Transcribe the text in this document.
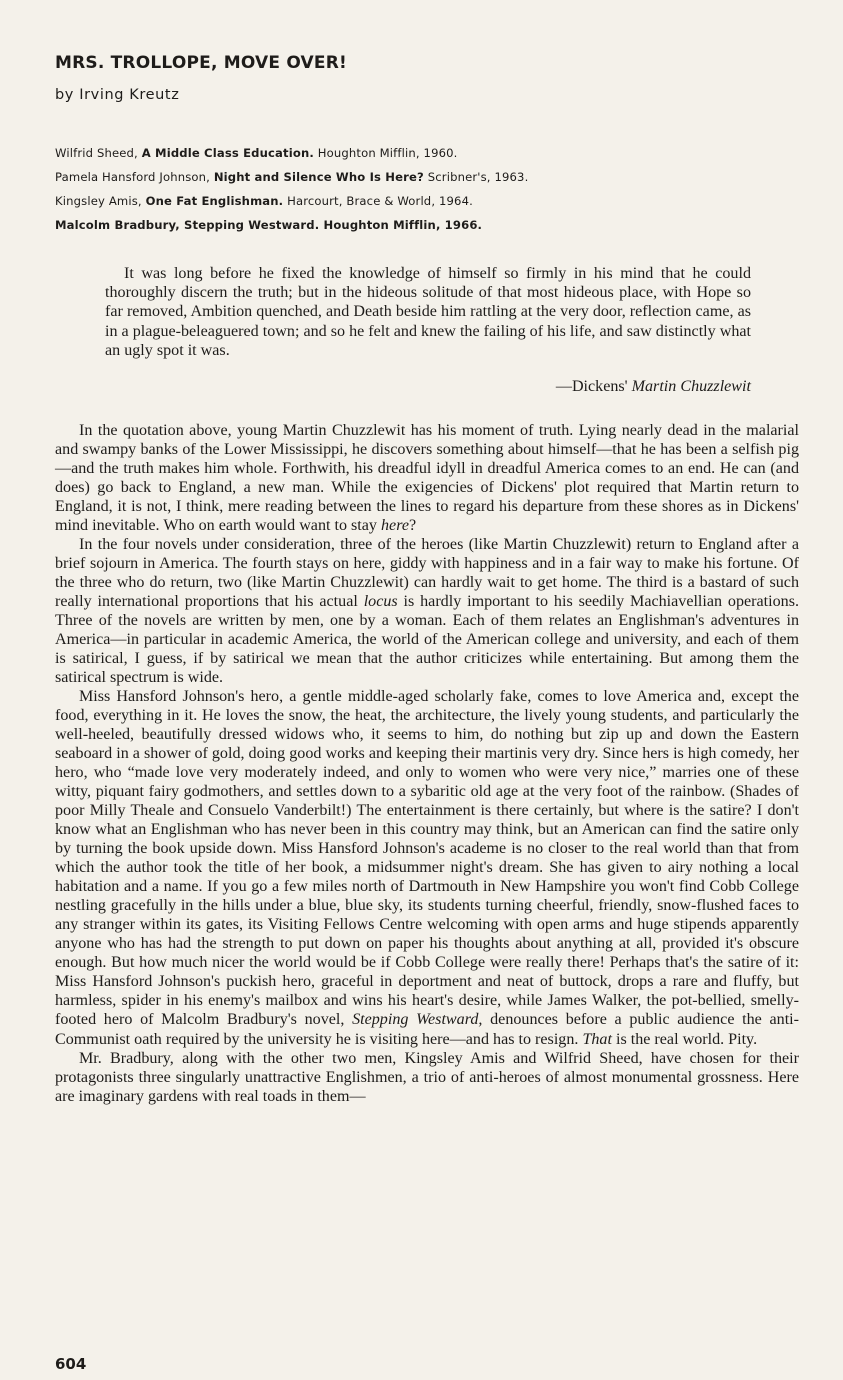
MRS. TROLLOPE, MOVE OVER!
by Irving Kreutz
Wilfrid Sheed, A Middle Class Education. Houghton Mifflin, 1960.
Pamela Hansford Johnson, Night and Silence Who Is Here? Scribner's, 1963.
Kingsley Amis, One Fat Englishman. Harcourt, Brace & World, 1964.
Malcolm Bradbury, Stepping Westward. Houghton Mifflin, 1966.

It was long before he fixed the knowledge of himself so firmly in his mind that he could thoroughly discern the truth; but in the hideous solitude of that most hideous place, with Hope so far removed, Ambition quenched, and Death beside him rattling at the very door, reflection came, as in a plague-beleaguered town; and so he felt and knew the failing of his life, and saw distinctly what an ugly spot it was.

—Dickens' Martin Chuzzlewit

In the quotation above, young Martin Chuzzlewit has his moment of truth. Lying nearly dead in the malarial and swampy banks of the Lower Mississippi, he discovers something about himself—that he has been a selfish pig—and the truth makes him whole. Forthwith, his dreadful idyll in dreadful America comes to an end. He can (and does) go back to England, a new man. While the exigencies of Dickens' plot required that Martin return to England, it is not, I think, mere reading between the lines to regard his departure from these shores as in Dickens' mind inevitable. Who on earth would want to stay here?

In the four novels under consideration, three of the heroes (like Martin Chuzzlewit) return to England after a brief sojourn in America. The fourth stays on here, giddy with happiness and in a fair way to make his fortune. Of the three who do return, two (like Martin Chuzzlewit) can hardly wait to get home. The third is a bastard of such really international proportions that his actual locus is hardly important to his seedily Machiavellian operations. Three of the novels are written by men, one by a woman. Each of them relates an Englishman's adventures in America—in particular in academic America, the world of the American college and university, and each of them is satirical, I guess, if by satirical we mean that the author criticizes while entertaining. But among them the satirical spectrum is wide.

Miss Hansford Johnson's hero, a gentle middle-aged scholarly fake, comes to love America and, except the food, everything in it. He loves the snow, the heat, the architecture, the lively young students, and particularly the well-heeled, beautifully dressed widows who, it seems to him, do nothing but zip up and down the Eastern seaboard in a shower of gold, doing good works and keeping their martinis very dry. Since hers is high comedy, her hero, who “made love very moderately indeed, and only to women who were very nice,” marries one of these witty, piquant fairy godmothers, and settles down to a sybaritic old age at the very foot of the rainbow. (Shades of poor Milly Theale and Consuelo Vanderbilt!) The entertainment is there certainly, but where is the satire? I don't know what an Englishman who has never been in this country may think, but an American can find the satire only by turning the book upside down. Miss Hansford Johnson's academe is no closer to the real world than that from which the author took the title of her book, a midsummer night's dream. She has given to airy nothing a local habitation and a name. If you go a few miles north of Dartmouth in New Hampshire you won't find Cobb College nestling gracefully in the hills under a blue, blue sky, its students turning cheerful, friendly, snow-flushed faces to any stranger within its gates, its Visiting Fellows Centre welcoming with open arms and huge stipends apparently anyone who has had the strength to put down on paper his thoughts about anything at all, provided it's obscure enough. But how much nicer the world would be if Cobb College were really there! Perhaps that's the satire of it: Miss Hansford Johnson's puckish hero, graceful in deportment and neat of buttock, drops a rare and fluffy, but harmless, spider in his enemy's mailbox and wins his heart's desire, while James Walker, the pot-bellied, smelly-footed hero of Malcolm Bradbury's novel, Stepping Westward, denounces before a public audience the anti-Communist oath required by the university he is visiting here—and has to resign. That is the real world. Pity.

Mr. Bradbury, along with the other two men, Kingsley Amis and Wilfrid Sheed, have chosen for their protagonists three singularly unattractive Englishmen, a trio of anti-heroes of almost monumental grossness. Here are imaginary gardens with real toads in them—

604
